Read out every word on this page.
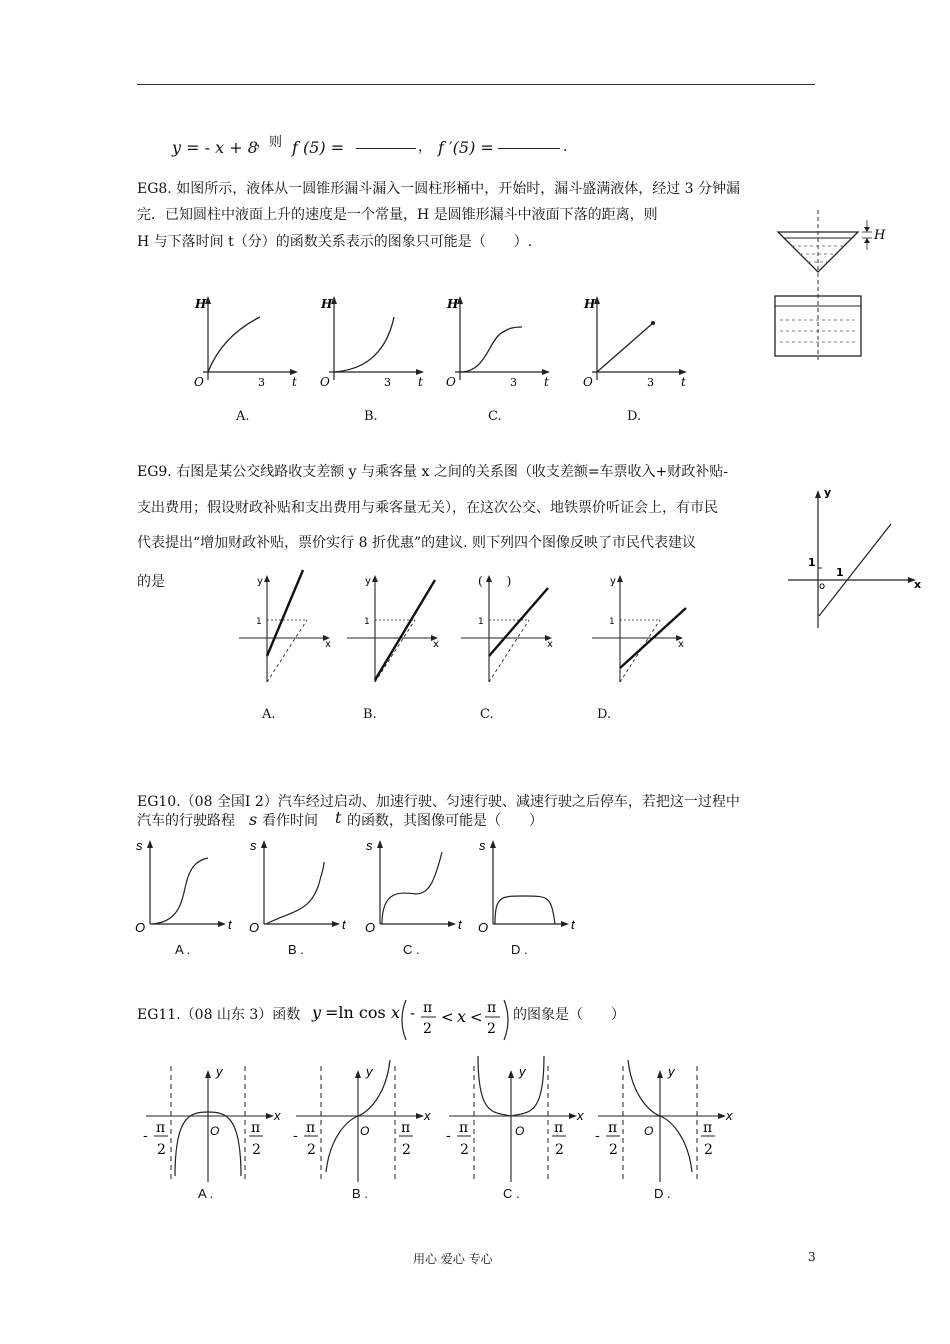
y = - x + 8
，则 f (5) =	， f ′(5) =	.
EG8. 如图所示，液体从一圆锥形漏斗漏入一圆柱形桶中，开始时，漏斗盛满液体，经过 3 分钟漏
完．已知圆柱中液面上升的速度是一个常量，H 是圆锥形漏斗中液面下落的距离，则
H 与下落时间 t（分）的函数关系表示的图象只可能是（　　）.	H
H
t
O	3
H
t
O	3
H
t
O	3
H
t
O	3
A.	B.	C.	D.
EG9. 右图是某公交线路收支差额 y 与乘客量 x 之间的关系图（收支差额=车票收入+财政补贴-
支出费用；假设财政补贴和支出费用与乘客量无关），在这次公交、地铁票价听证会上，有市民
代表提出“增加财政补贴，票价实行 8 折优惠”的建议. 则下列四个图像反映了市民代表建议
的是
y
x
1
1
o
y
x
1
y
x
1
x
1
y
x
1
(　　)
A.	B.	C.	D.
EG10.（08 全国Ⅰ 2）汽车经过启动、加速行驶、匀速行驶、减速行驶之后停车，若把这一过程中
汽车的行驶路程 s 看作时间 t 的函数，其图像可能是（　　）
s
t
O
s
t
O
s
t
O
s
t
O
A .	B .	C .	D .
EG11.（08 山东 3）函数 y =ln cos x - π
2
< x < π
2
的图象是（　　）
y
x
O
- π
2
π
2
y
x
O
- π
2
π
2
y
x
O
- π
2
π
2
y
x
O
- π
2
π
2
A .	B .	C .	D .
用心 爱心 专心	3
